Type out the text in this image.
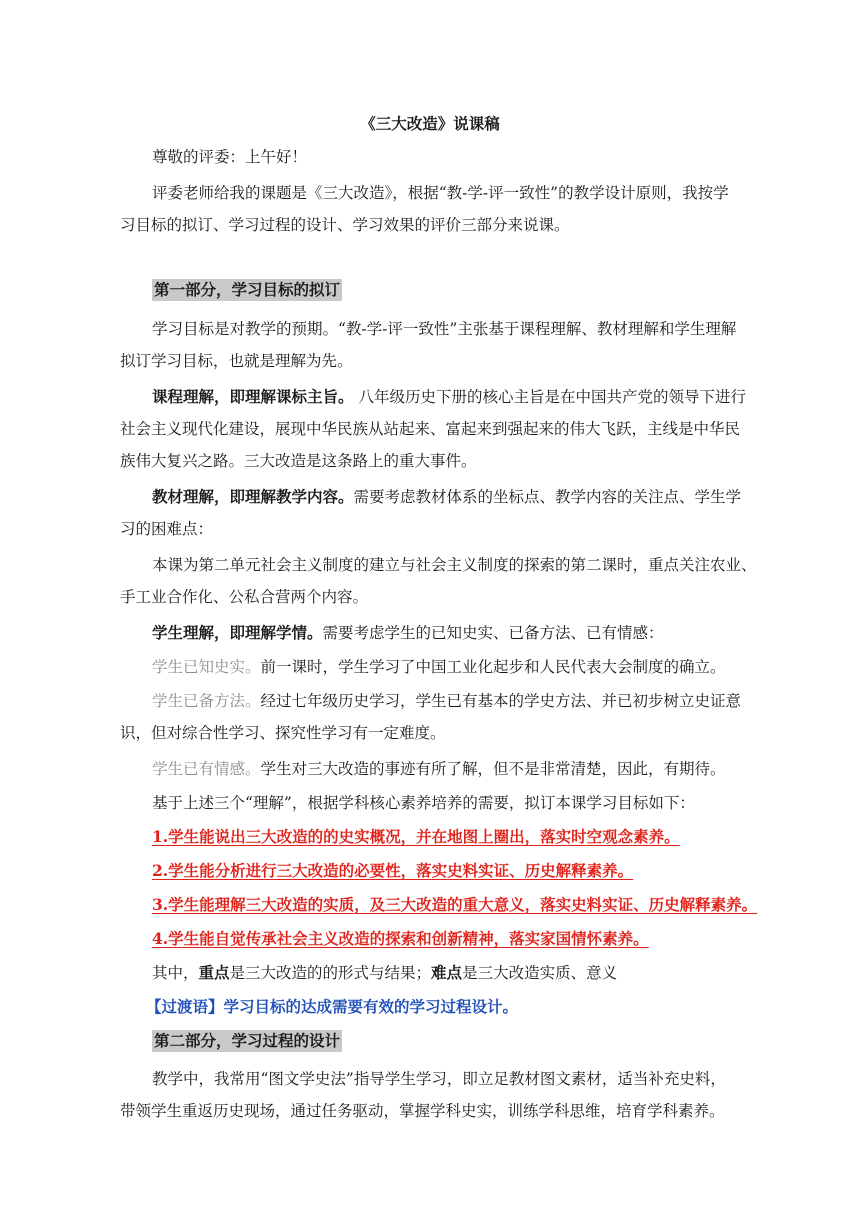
《三大改造》说课稿
尊敬的评委：上午好！
评委老师给我的课题是《三大改造》，根据“教-学-评一致性”的教学设计原则，我按学
习目标的拟订、学习过程的设计、学习效果的评价三部分来说课。
第一部分，学习目标的拟订
学习目标是对教学的预期。“教-学-评一致性”主张基于课程理解、教材理解和学生理解
拟订学习目标，也就是理解为先。
课程理解，即理解课标主旨。 八年级历史下册的核心主旨是在中国共产党的领导下进行
社会主义现代化建设，展现中华民族从站起来、富起来到强起来的伟大飞跃，主线是中华民
族伟大复兴之路。三大改造是这条路上的重大事件。
教材理解，即理解教学内容。需要考虑教材体系的坐标点、教学内容的关注点、学生学
习的困难点：
本课为第二单元社会主义制度的建立与社会主义制度的探索的第二课时，重点关注农业、
手工业合作化、公私合营两个内容。
学生理解，即理解学情。需要考虑学生的已知史实、已备方法、已有情感：
学生已知史实。前一课时，学生学习了中国工业化起步和人民代表大会制度的确立。
学生已备方法。经过七年级历史学习，学生已有基本的学史方法、并已初步树立史证意
识，但对综合性学习、探究性学习有一定难度。
学生已有情感。学生对三大改造的事迹有所了解，但不是非常清楚，因此，有期待。
基于上述三个“理解”，根据学科核心素养培养的需要，拟订本课学习目标如下：
1.学生能说出三大改造的的史实概况，并在地图上圈出，落实时空观念素养。
2.学生能分析进行三大改造的必要性，落实史料实证、历史解释素养。
3.学生能理解三大改造的实质，及三大改造的重大意义，落实史料实证、历史解释素养。
4.学生能自觉传承社会主义改造的探索和创新精神，落实家国情怀素养。
其中，重点是三大改造的的形式与结果；难点是三大改造实质、意义
【过渡语】学习目标的达成需要有效的学习过程设计。
第二部分，学习过程的设计
教学中，我常用“图文学史法”指导学生学习，即立足教材图文素材，适当补充史料，
带领学生重返历史现场，通过任务驱动，掌握学科史实，训练学科思维，培育学科素养。
